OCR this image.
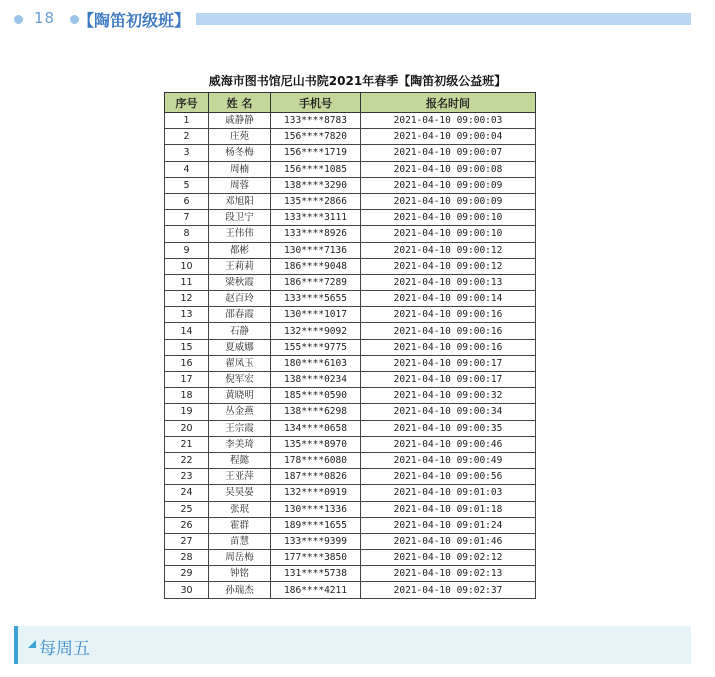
18 【陶笛初级班】
威海市图书馆尼山书院2021年春季【陶笛初级公益班】
序号	姓 名	手机号	报名时间
1	戚静静	133****8783	2021-04-10 09:00:03
2	庄苑	156****7820	2021-04-10 09:00:04
3	杨冬梅	156****1719	2021-04-10 09:00:07
4	周楠	156****1085	2021-04-10 09:00:08
5	周蓉	138****3290	2021-04-10 09:00:09
6	邓旭阳	135****2866	2021-04-10 09:00:09
7	段卫宁	133****3111	2021-04-10 09:00:10
8	王伟伟	133****8926	2021-04-10 09:00:10
9	都彬	130****7136	2021-04-10 09:00:12
10	王莉莉	186****9048	2021-04-10 09:00:12
11	梁秋霞	186****7289	2021-04-10 09:00:13
12	赵百玲	133****5655	2021-04-10 09:00:14
13	邵春霞	130****1017	2021-04-10 09:00:16
14	石静	132****9092	2021-04-10 09:00:16
15	夏威娜	155****9775	2021-04-10 09:00:16
16	翟凤玉	180****6103	2021-04-10 09:00:17
17	倪军宏	138****0234	2021-04-10 09:00:17
18	黄晓明	185****0590	2021-04-10 09:00:32
19	丛金燕	138****6298	2021-04-10 09:00:34
20	王宗霞	134****0658	2021-04-10 09:00:35
21	李美琦	135****8970	2021-04-10 09:00:46
22	程懿	178****6080	2021-04-10 09:00:49
23	王亚萍	187****0826	2021-04-10 09:00:56
24	吴昊晏	132****0919	2021-04-10 09:01:03
25	张珉	130****1336	2021-04-10 09:01:18
26	霍群	189****1655	2021-04-10 09:01:24
27	苗慧	133****9399	2021-04-10 09:01:46
28	周岳梅	177****3850	2021-04-10 09:02:12
29	钟铭	131****5738	2021-04-10 09:02:13
30	孙瑞杰	186****4211	2021-04-10 09:02:37
每周五
